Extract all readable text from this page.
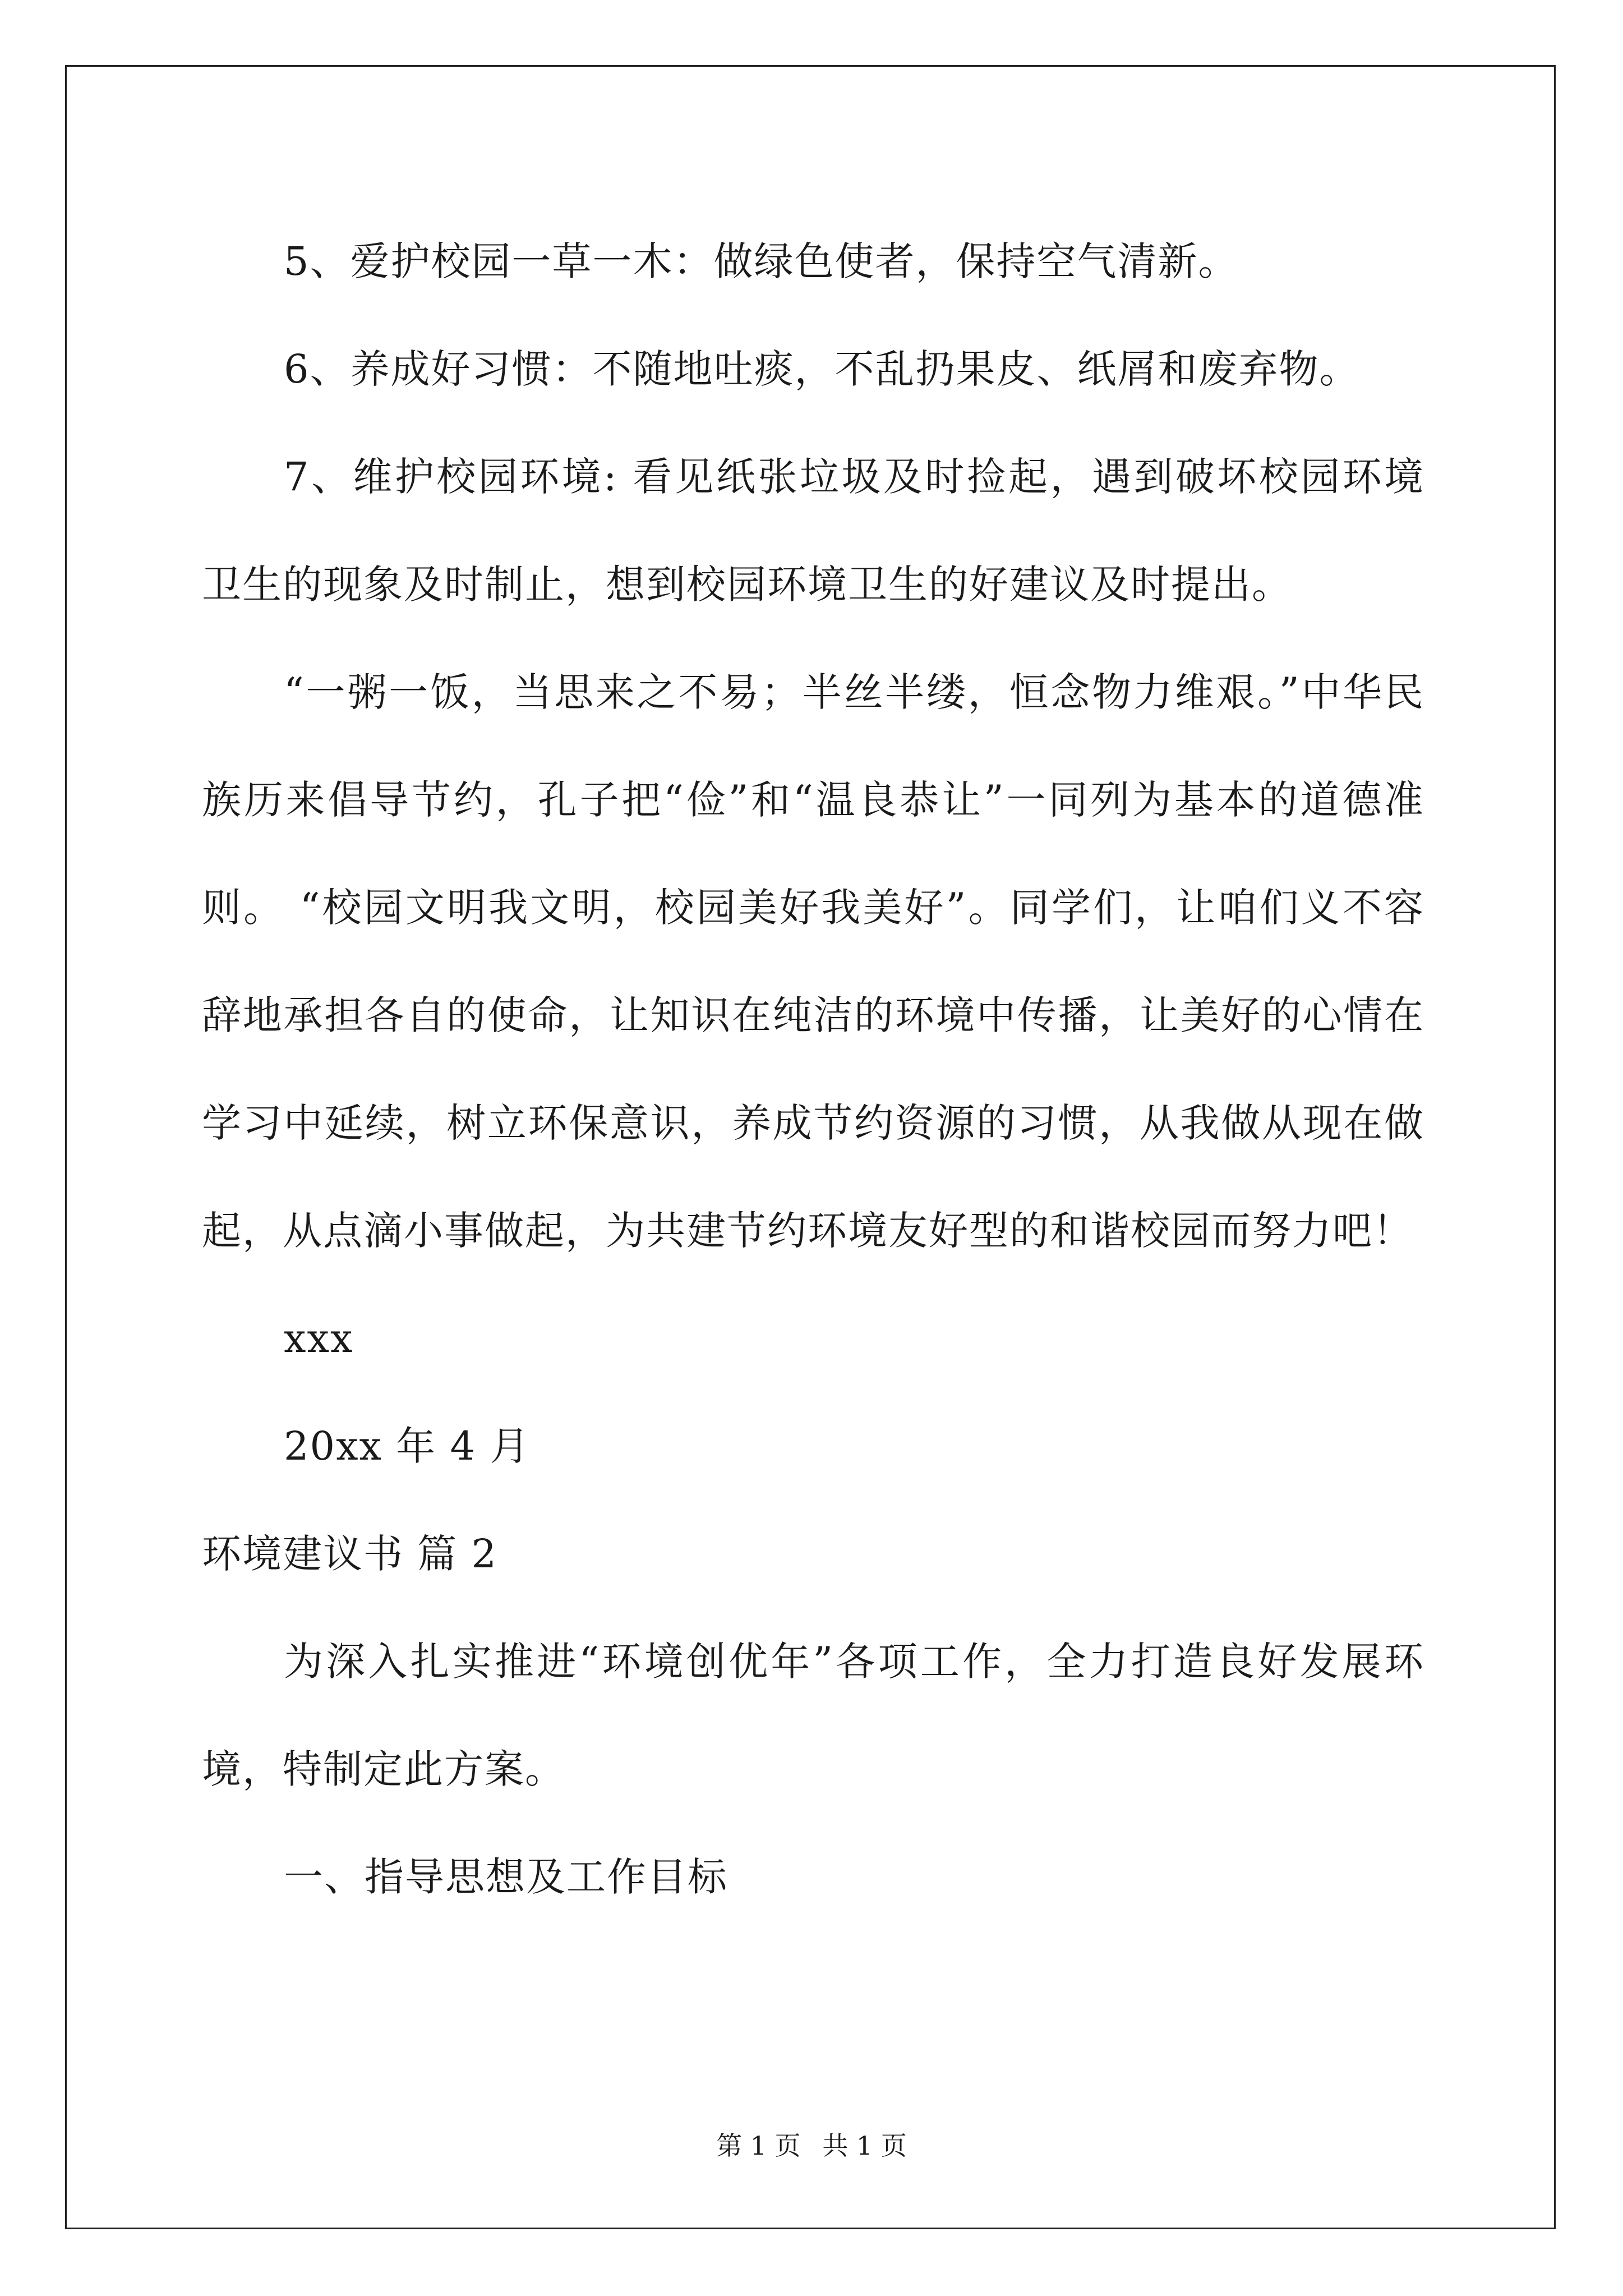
5、爱护校园一草一木：做绿色使者，保持空气清新。

6、养成好习惯：不随地吐痰，不乱扔果皮、纸屑和废弃物。

7、维护校园环境: 看见纸张垃圾及时捡起，遇到破坏校园环境卫生的现象及时制止，想到校园环境卫生的好建议及时提出。

“一粥一饭，当思来之不易；半丝半缕，恒念物力维艰。”中华民族历来倡导节约，孔子把“俭”和“温良恭让”一同列为基本的道德准则。 “校园文明我文明，校园美好我美好”。同学们，让咱们义不容辞地承担各自的使命，让知识在纯洁的环境中传播，让美好的心情在学习中延续，树立环保意识，养成节约资源的习惯，从我做从现在做起，从点滴小事做起，为共建节约环境友好型的和谐校园而努力吧！

xxx
20xx 年 4 月
环境建议书 篇 2

为深入扎实推进“环境创优年”各项工作，全力打造良好发展环境，特制定此方案。

一、指导思想及工作目标
第 1 页 共 1 页
